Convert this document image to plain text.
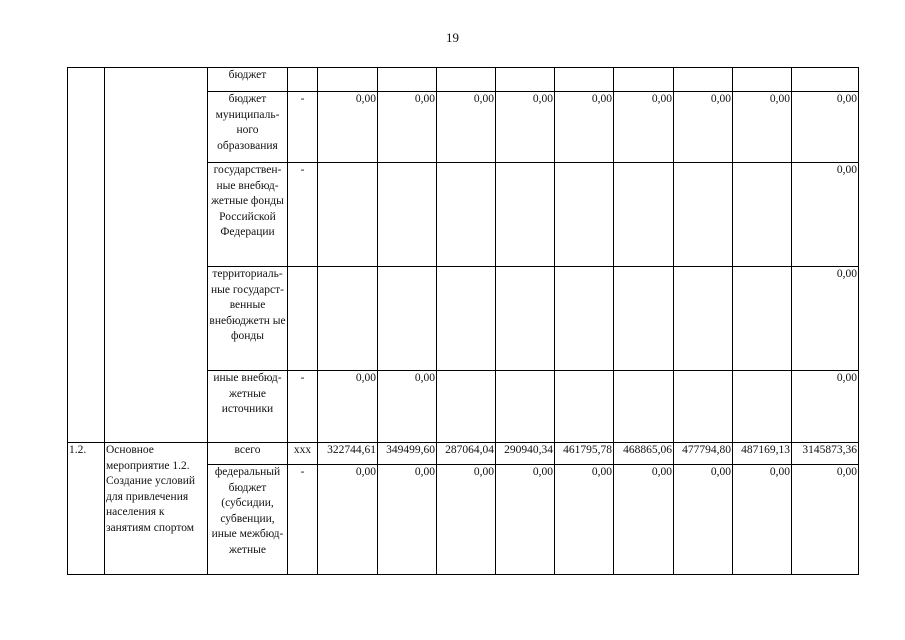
19
		бюджет										
		бюджет муниципаль-ного образования	-	0,00	0,00	0,00	0,00	0,00	0,00	0,00	0,00	0,00
		государствен-ные внебюд-жетные фонды Российской Федерации	-									0,00
		территориаль-ные государст-венные внебюджетн ые фонды										0,00
		иные внебюд-жетные источники	-	0,00	0,00							0,00
1.2.	Основное мероприятие 1.2. Создание условий для привлечения населения к занятиям спортом	всего	ххх	322744,61	349499,60	287064,04	290940,34	461795,78	468865,06	477794,80	487169,13	3145873,36
		федеральный бюджет (субсидии, субвенции, иные межбюд-жетные	-	0,00	0,00	0,00	0,00	0,00	0,00	0,00	0,00	0,00
